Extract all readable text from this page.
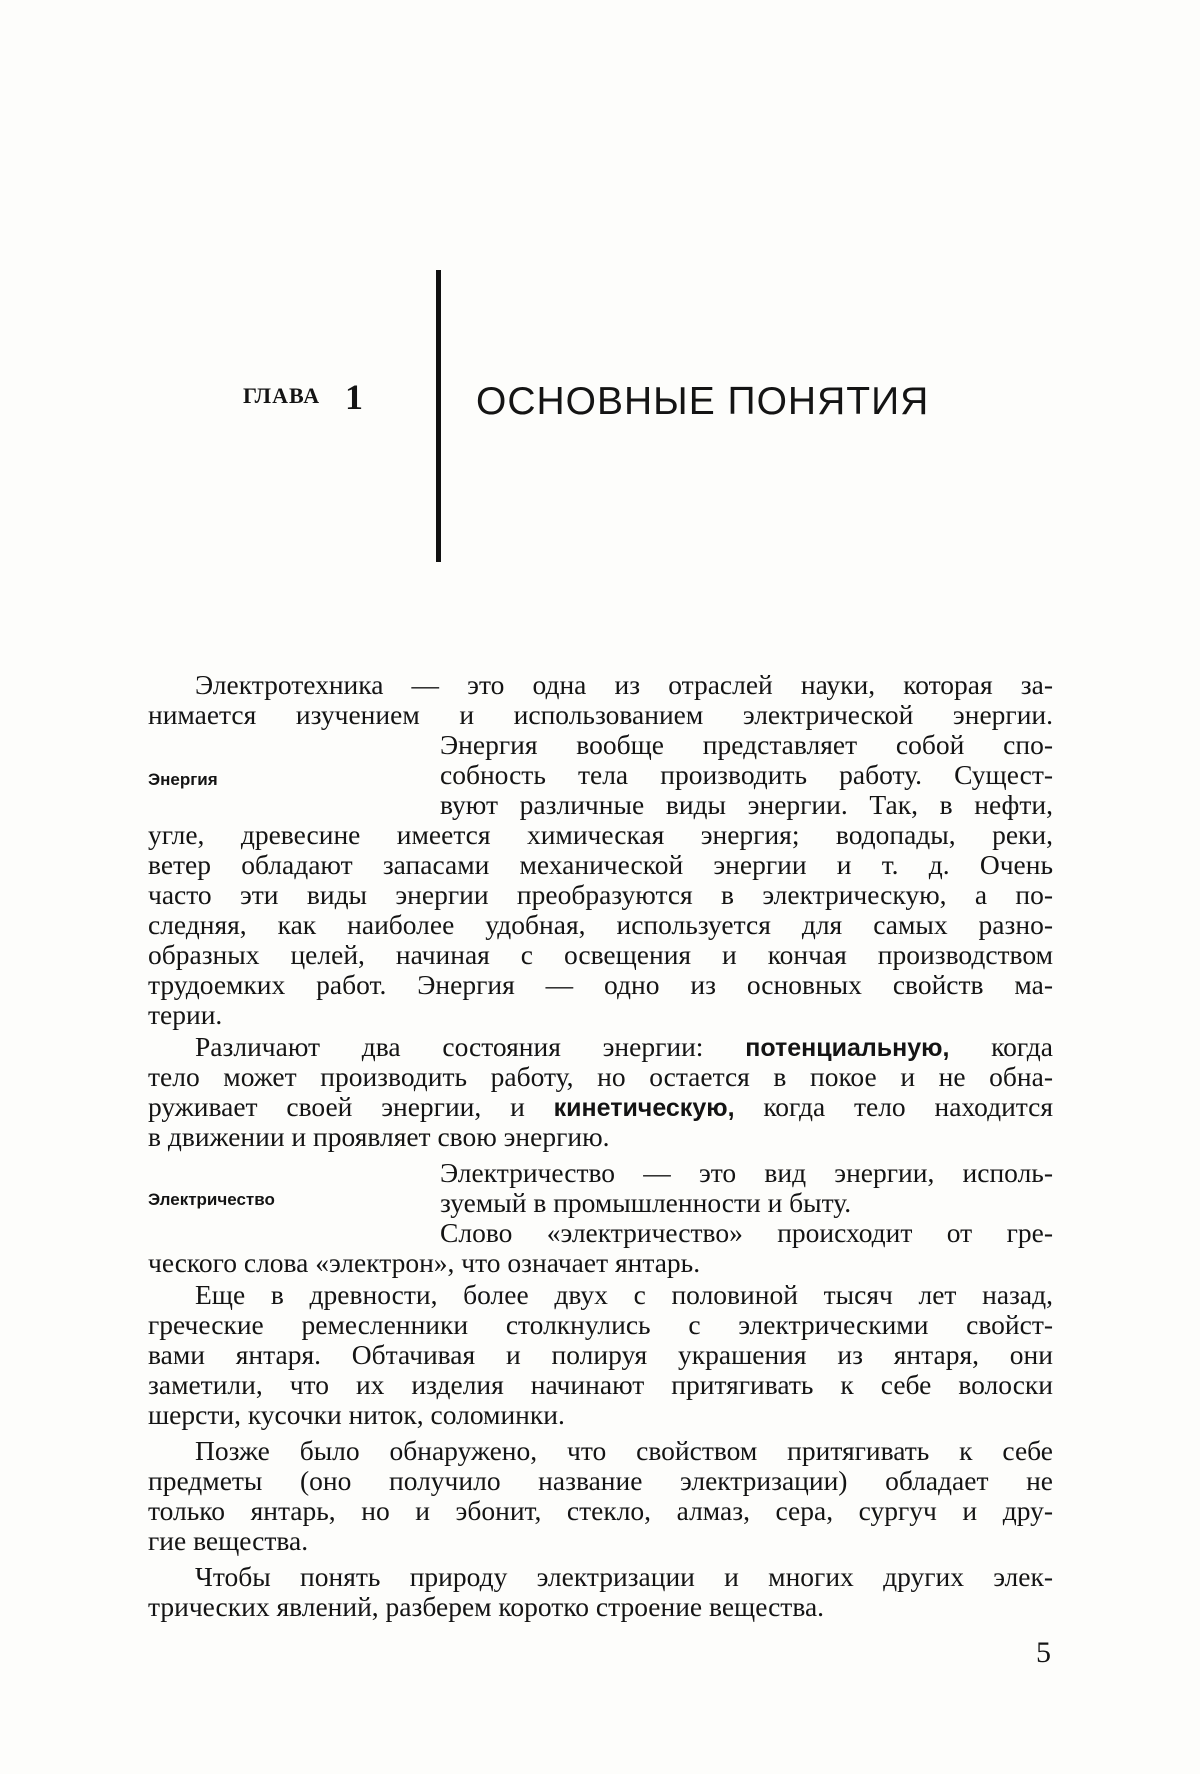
ГЛАВА 1	ОСНОВНЫЕ ПОНЯТИЯ
Энергия
Электричество
Электротехника — это одна из отраслей науки, которая за-
нимается изучением и использованием электрической энергии.
Энергия вообще представляет собой спо-
собность тела производить работу. Сущест-
вуют различные виды энергии. Так, в нефти,
угле, древесине имеется химическая энергия; водопады, реки,
ветер обладают запасами механической энергии и т. д. Очень
часто эти виды энергии преобразуются в электрическую, а по-
следняя, как наиболее удобная, используется для самых разно-
образных целей, начиная с освещения и кончая производством
трудоемких работ. Энергия — одно из основных свойств ма-
терии.
Различают два состояния энергии: потенциальную, когда
тело может производить работу, но остается в покое и не обна-
руживает своей энергии, и кинетическую, когда тело находится
в движении и проявляет свою энергию.
Электричество — это вид энергии, исполь-
зуемый в промышленности и быту.
Слово «электричество» происходит от гре-
ческого слова «электрон», что означает янтарь.
Еще в древности, более двух с половиной тысяч лет назад,
греческие ремесленники столкнулись с электрическими свойст-
вами янтаря. Обтачивая и полируя украшения из янтаря, они
заметили, что их изделия начинают притягивать к себе волоски
шерсти, кусочки ниток, соломинки.
Позже было обнаружено, что свойством притягивать к себе
предметы (оно получило название электризации) обладает не
только янтарь, но и эбонит, стекло, алмаз, сера, сургуч и дру-
гие вещества.
Чтобы понять природу электризации и многих других элек-
трических явлений, разберем коротко строение вещества.
5
